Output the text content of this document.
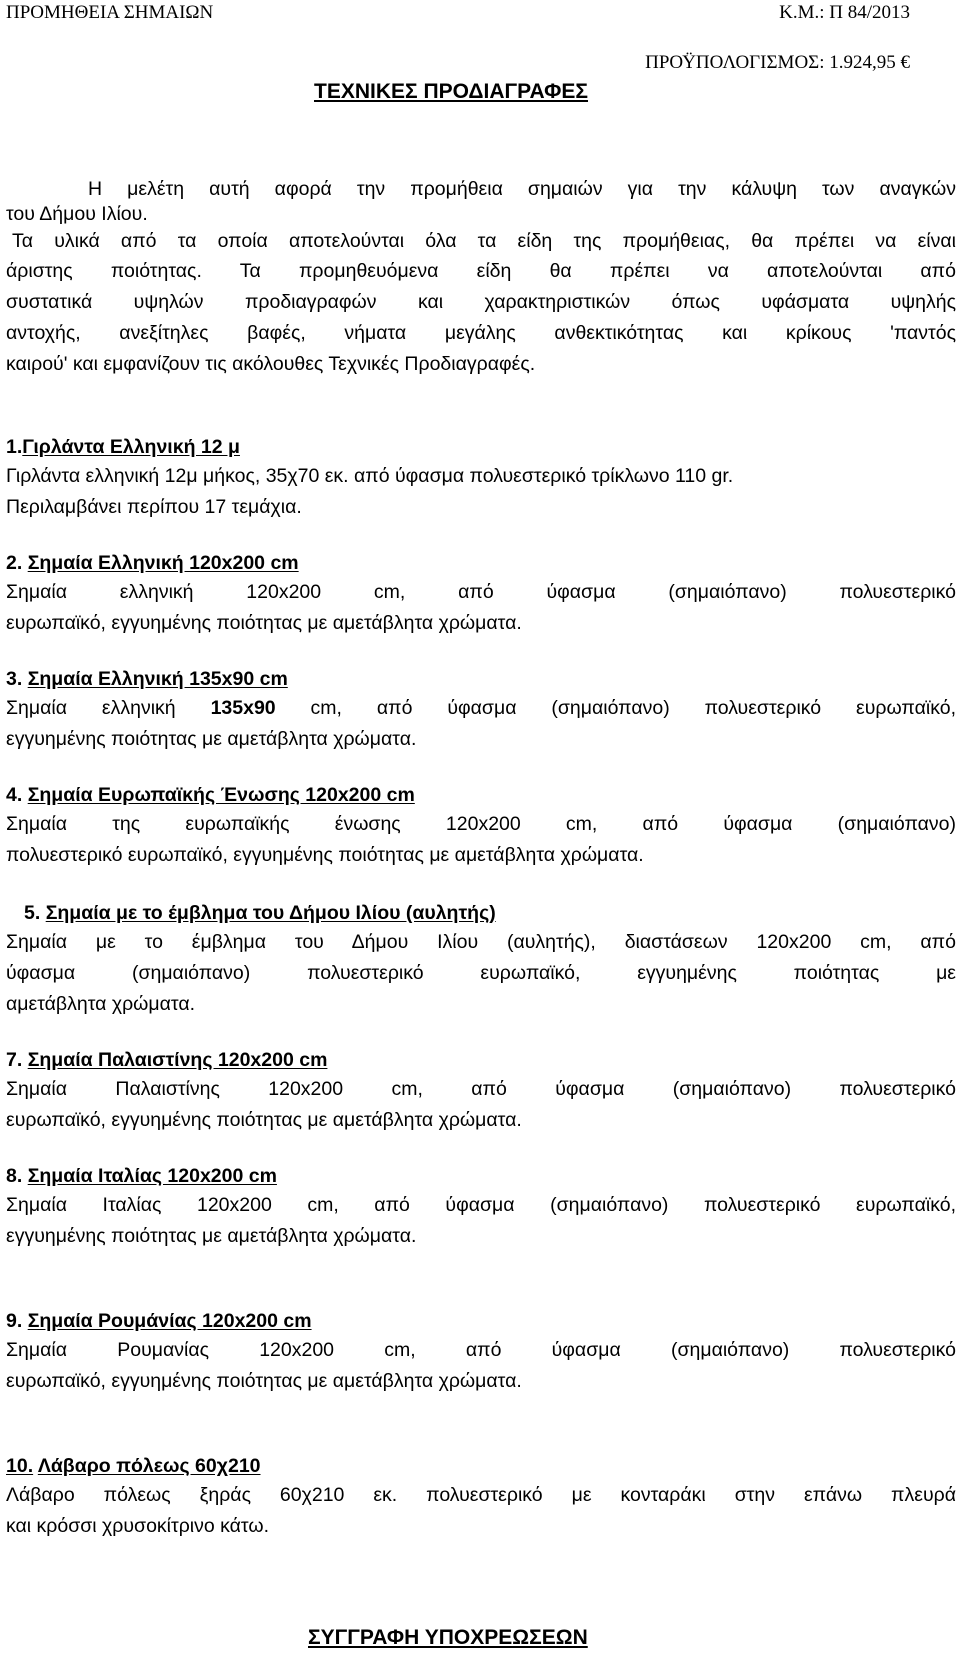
ΠΡΟΜΗΘΕΙΑ ΣΗΜΑΙΩΝ	Κ.Μ.: Π 84/2013
ΠΡΟΫΠΟΛΟΓΙΣΜΟΣ: 1.924,95 €
ΤΕΧΝΙΚΕΣ ΠΡΟΔΙΑΓΡΑΦΕΣ
Η μελέτη αυτή αφορά την προμήθεια σημαιών για την κάλυψη των αναγκών
του Δήμου Ιλίου.
Τα υλικά από τα οποία αποτελούνται όλα τα είδη της προμήθειας, θα πρέπει να είναι
άριστης ποιότητας. Τα προμηθευόμενα είδη θα πρέπει να αποτελούνται από
συστατικά υψηλών προδιαγραφών και χαρακτηριστικών όπως υφάσματα υψηλής
αντοχής, ανεξίτηλες βαφές, νήματα μεγάλης ανθεκτικότητας και κρίκους 'παντός
καιρού' και εμφανίζουν τις ακόλουθες Τεχνικές Προδιαγραφές.
1.Γιρλάντα Ελληνική 12 μ
Γιρλάντα ελληνική 12μ μήκος, 35χ70 εκ. από ύφασμα πολυεστερικό τρίκλωνο 110 gr.
Περιλαμβάνει περίπου 17 τεμάχια.
2. Σημαία Ελληνική 120x200 cm
Σημαία ελληνική 120x200 cm, από ύφασμα (σημαιόπανο) πολυεστερικό
ευρωπαϊκό, εγγυημένης ποιότητας με αμετάβλητα χρώματα.
3. Σημαία Ελληνική 135x90 cm
Σημαία ελληνική 135x90 cm, από ύφασμα (σημαιόπανο) πολυεστερικό ευρωπαϊκό,
εγγυημένης ποιότητας με αμετάβλητα χρώματα.
4. Σημαία Ευρωπαϊκής Ένωσης 120x200 cm
Σημαία της ευρωπαϊκής ένωσης 120x200 cm, από ύφασμα (σημαιόπανο)
πολυεστερικό ευρωπαϊκό, εγγυημένης ποιότητας με αμετάβλητα χρώματα.
5. Σημαία με το έμβλημα του Δήμου Ιλίου (αυλητής)
Σημαία με το έμβλημα του Δήμου Ιλίου (αυλητής), διαστάσεων 120x200 cm, από
ύφασμα (σημαιόπανο) πολυεστερικό ευρωπαϊκό, εγγυημένης ποιότητας με
αμετάβλητα χρώματα.
7. Σημαία Παλαιστίνης 120x200 cm
Σημαία Παλαιστίνης 120x200 cm, από ύφασμα (σημαιόπανο) πολυεστερικό
ευρωπαϊκό, εγγυημένης ποιότητας με αμετάβλητα χρώματα.
8. Σημαία Ιταλίας 120x200 cm
Σημαία Ιταλίας 120x200 cm, από ύφασμα (σημαιόπανο) πολυεστερικό ευρωπαϊκό,
εγγυημένης ποιότητας με αμετάβλητα χρώματα.
9. Σημαία Ρουμάνίας 120x200 cm
Σημαία Ρουμανίας 120x200 cm, από ύφασμα (σημαιόπανο) πολυεστερικό
ευρωπαϊκό, εγγυημένης ποιότητας με αμετάβλητα χρώματα.
10. Λάβαρο πόλεως 60χ210
Λάβαρο πόλεως ξηράς 60χ210 εκ. πολυεστερικό με κονταράκι στην επάνω πλευρά
και κρόσσι χρυσοκίτρινο κάτω.
ΣΥΓΓΡΑΦΗ ΥΠΟΧΡΕΩΣΕΩΝ
